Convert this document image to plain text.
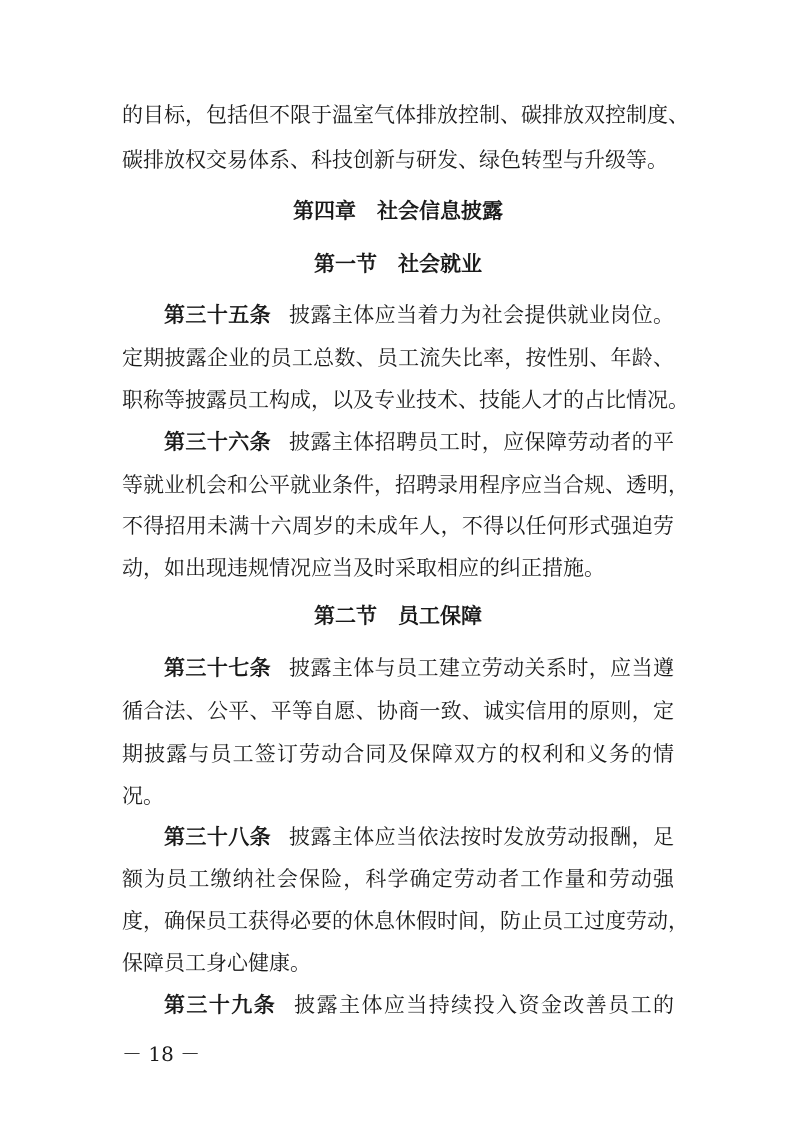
的目标，包括但不限于温室气体排放控制、碳排放双控制度、
碳排放权交易体系、科技创新与研发、绿色转型与升级等。
第四章　社会信息披露
第一节　社会就业
第三十五条 披露主体应当着力为社会提供就业岗位。
定期披露企业的员工总数、员工流失比率，按性别、年龄、
职称等披露员工构成，以及专业技术、技能人才的占比情况。
第三十六条 披露主体招聘员工时，应保障劳动者的平
等就业机会和公平就业条件，招聘录用程序应当合规、透明，
不得招用未满十六周岁的未成年人，不得以任何形式强迫劳
动，如出现违规情况应当及时采取相应的纠正措施。
第二节　员工保障
第三十七条 披露主体与员工建立劳动关系时，应当遵
循合法、公平、平等自愿、协商一致、诚实信用的原则，定
期披露与员工签订劳动合同及保障双方的权利和义务的情
况。
第三十八条 披露主体应当依法按时发放劳动报酬，足
额为员工缴纳社会保险，科学确定劳动者工作量和劳动强
度，确保员工获得必要的休息休假时间，防止员工过度劳动，
保障员工身心健康。
第三十九条 披露主体应当持续投入资金改善员工的
－ 18 －
